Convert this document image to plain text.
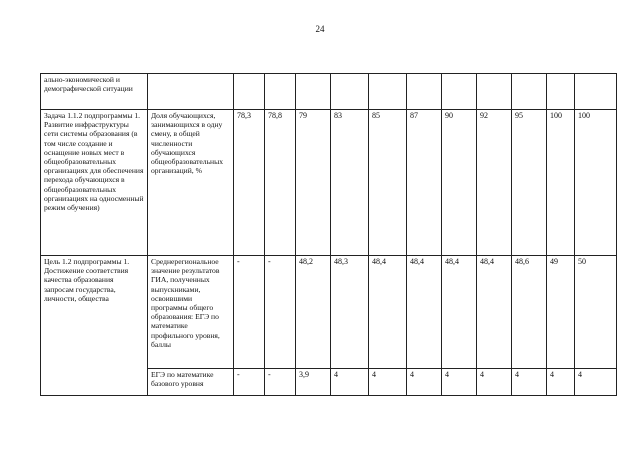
24
ально-экономической и демографической ситуации												
Задача 1.1.2 подпрограммы 1. Развитие инфраструктуры сети системы образования (в том числе создание и оснащение новых мест в общеобразовательных организациях для обеспечения перехода обучающихся в общеобразовательных организациях на односменный режим обучения)	Доля обучающихся, занимающихся в одну смену, в общей численности обучающихся общеобразовательных организаций, %	78,3	78,8	79	83	85	87	90	92	95	100	100
Цель 1.2 подпрограммы 1. Достижение соответствия качества образования запросам государства, личности, общества	Среднерегиональное значение результатов ГИА, полученных выпускниками, освоившими программы общего образования: ЕГЭ по математике профильного уровня, баллы	-	-	48,2	48,3	48,4	48,4	48,4	48,4	48,6	49	50
	ЕГЭ по математике базового уровня	-	-	3,9	4	4	4	4	4	4	4	4
